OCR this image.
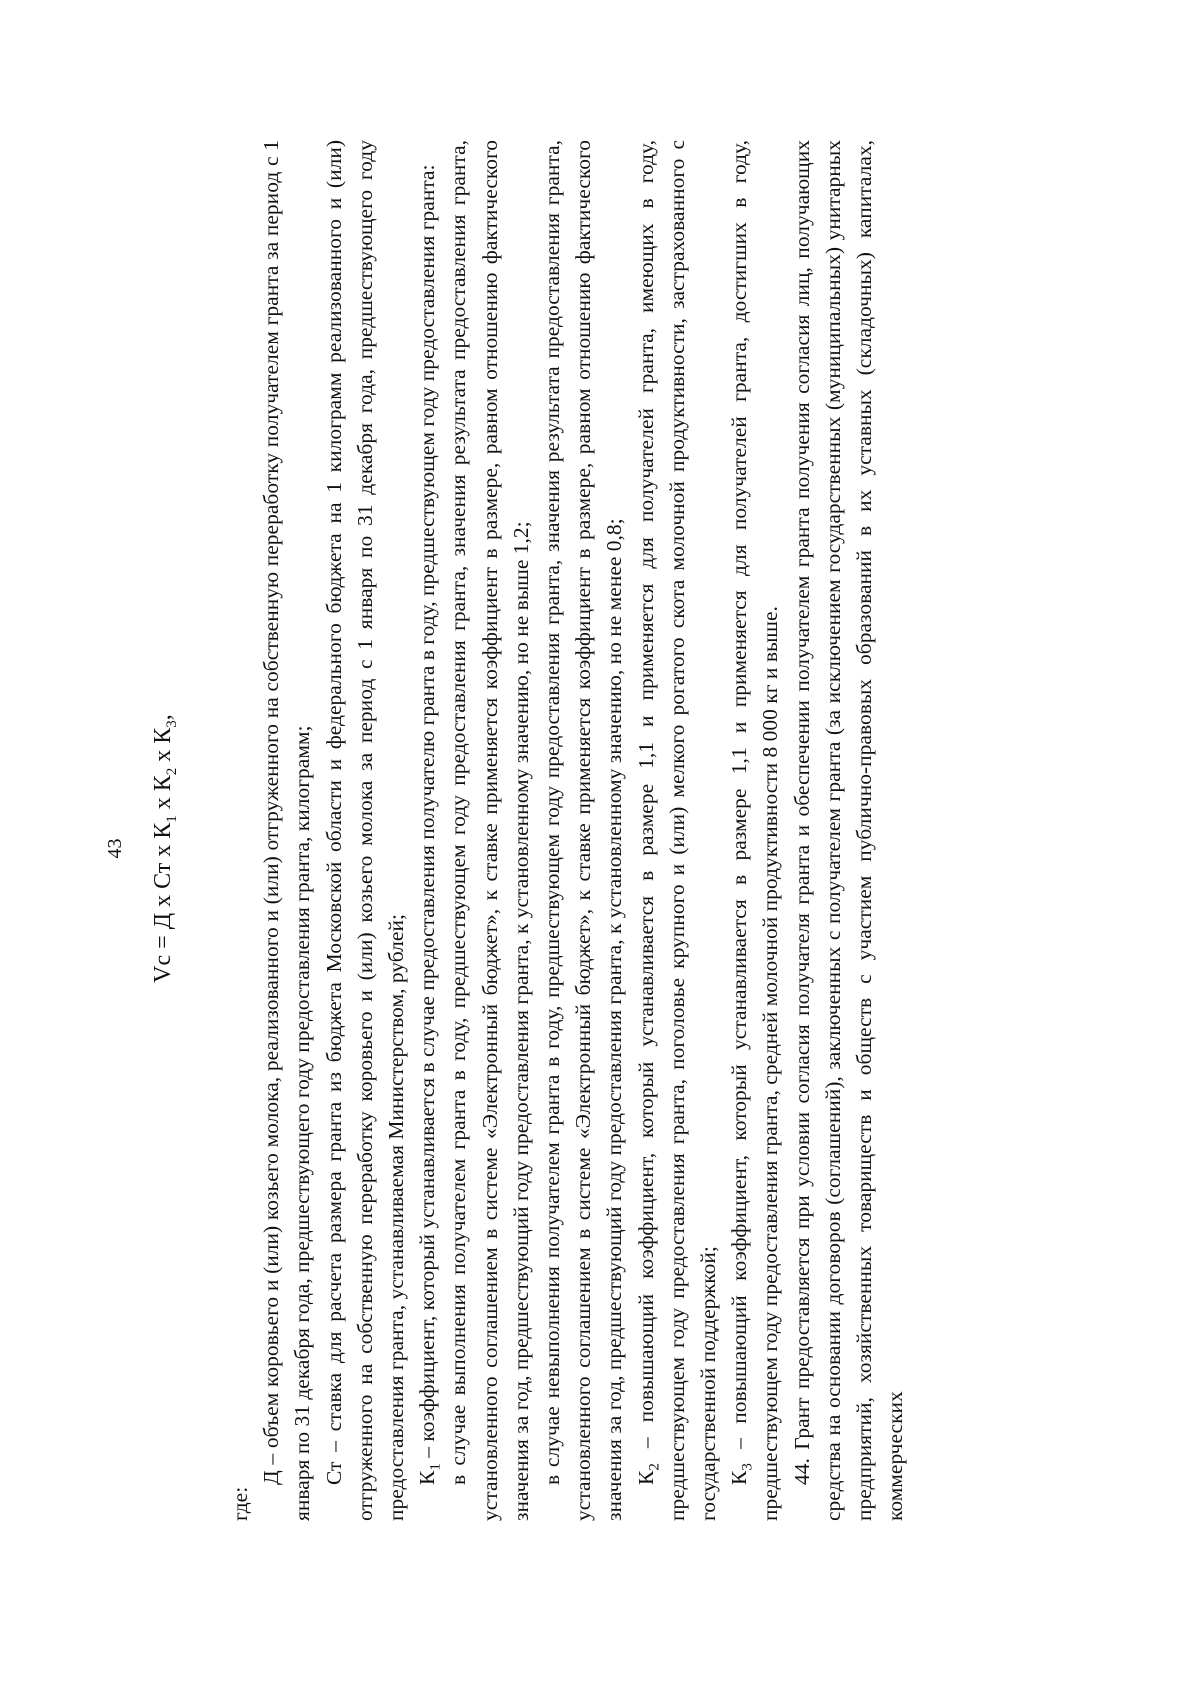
43
Vc = Д х Ст х $К_1$ х $К_2$ х $К_3$,

где:

Д – объем коровьего и (или) козьего молока, реализованного и (или) отгруженного на собственную переработку получателем гранта за период с 1 января по 31 декабря года, предшествующего году предоставления гранта, килограмм; Ст – ставка для расчета размера гранта из бюджета Московской области и федерального бюджета на 1 килограмм реализованного и (или) отгруженного на собственную переработку коровьего и (или) козьего молока за период с 1 января по 31 декабря года, предшествующего году предоставления гранта, устанавливаемая Министерством, рублей; $К_1$ – коэффициент, который устанавливается в случае предоставления получателю гранта в году, предшествующем году предоставления гранта: в случае выполнения получателем гранта в году, предшествующем году предоставления гранта, значения результата предоставления гранта, установленного соглашением в системе «Электронный бюджет», к ставке применяется коэффициент в размере, равном отношению фактического значения за год, предшествующий году предоставления гранта, к установленному значению, но не выше 1,2; в случае невыполнения получателем гранта в году, предшествующем году предоставления гранта, значения результата предоставления гранта, установленного соглашением в системе «Электронный бюджет», к ставке применяется коэффициент в размере, равном отношению фактического значения за год, предшествующий году предоставления гранта, к установленному значению, но не менее 0,8; $К_2$ – повышающий коэффициент, который устанавливается в размере 1,1 и применяется для получателей гранта, имеющих в году, предшествующем году предоставления гранта, поголовье крупного и (или) мелкого рогатого скота молочной продуктивности, застрахованного с государственной поддержкой; $К_3$ – повышающий коэффициент, который устанавливается в размере 1,1 и применяется для получателей гранта, достигших в году, предшествующем году предоставления гранта, средней молочной продуктивности 8 000 кг и выше. 44. Грант предоставляется при условии согласия получателя гранта и обеспечении получателем гранта получения согласия лиц, получающих средства на основании договоров (соглашений), заключенных с получателем гранта (за исключением государственных (муниципальных) унитарных предприятий, хозяйственных товариществ и обществ с участием публично-правовых образований в их уставных (складочных) капиталах, коммерческих
